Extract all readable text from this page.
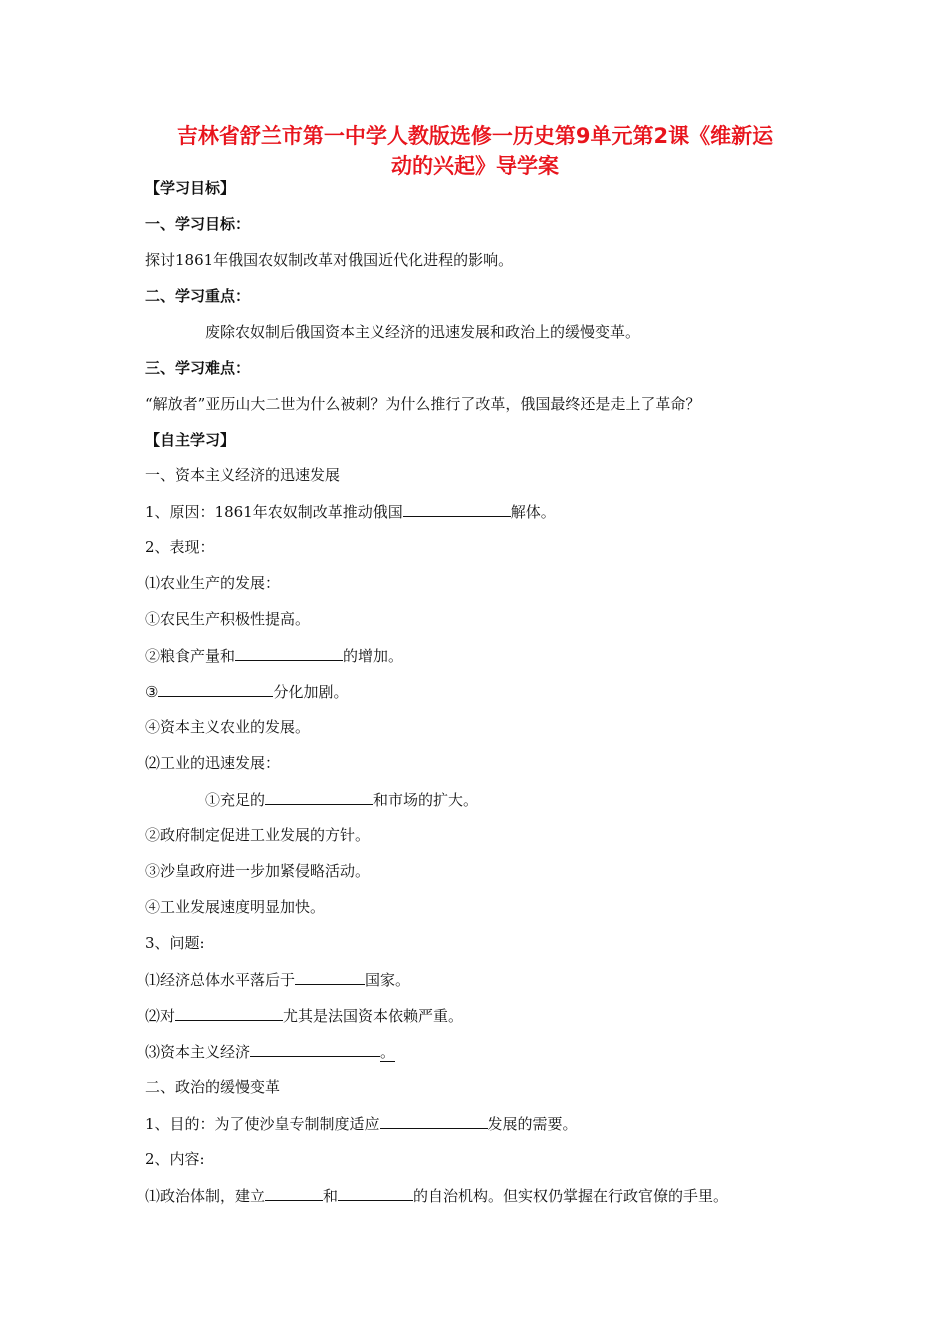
吉林省舒兰市第一中学人教版选修一历史第9单元第2课《维新运
动的兴起》导学案
【学习目标】
一、学习目标：
探讨1861年俄国农奴制改革对俄国近代化进程的影响。
二、学习重点：
废除农奴制后俄国资本主义经济的迅速发展和政治上的缓慢变革。
三、学习难点：
“解放者”亚历山大二世为什么被刺？为什么推行了改革，俄国最终还是走上了革命？
【自主学习】
一、资本主义经济的迅速发展
1、原因：1861年农奴制改革推动俄国	解体。
2、表现：
⑴农业生产的发展：
①农民生产积极性提高。
②粮食产量和	的增加。
③	分化加剧。
④资本主义农业的发展。
⑵工业的迅速发展：
①充足的	和市场的扩大。
②政府制定促进工业发展的方针。
③沙皇政府进一步加紧侵略活动。
④工业发展速度明显加快。
3、问题:
⑴经济总体水平落后于	国家。
⑵对	尤其是法国资本依赖严重。
⑶资本主义经济	。
二、政治的缓慢变革
1、目的：为了使沙皇专制制度适应	发展的需要。
2、内容:
⑴政治体制，建立	和	的自治机构。但实权仍掌握在行政官僚的手里。
